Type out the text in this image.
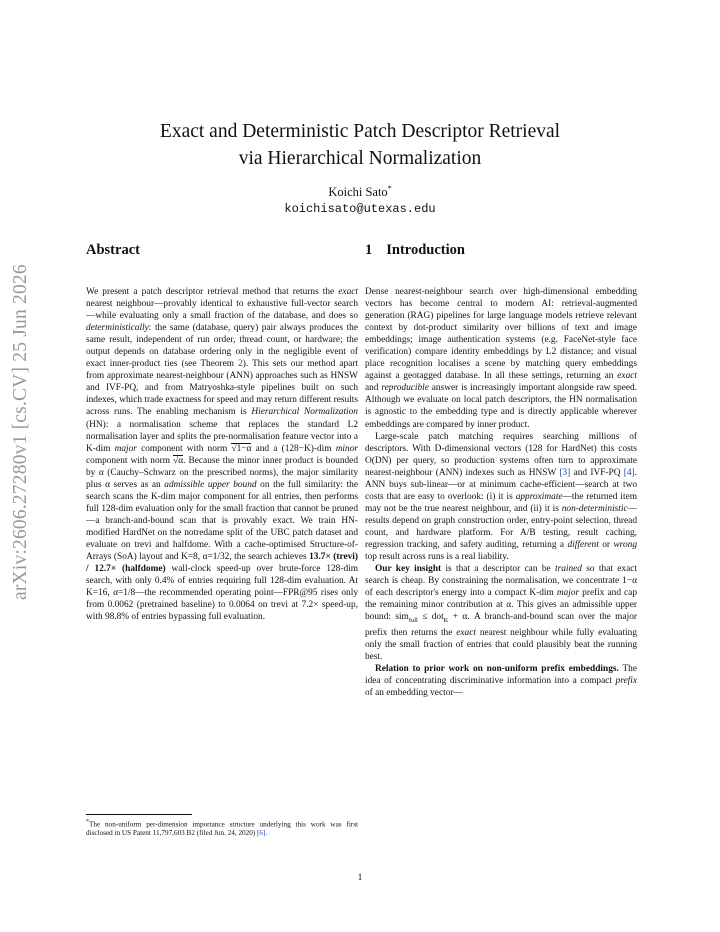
arXiv:2606.27280v1 [cs.CV] 25 Jun 2026
Exact and Deterministic Patch Descriptor Retrieval
via Hierarchical Normalization
Koichi Sato*
koichisato@utexas.edu
Abstract

We present a patch descriptor retrieval method that returns the exact nearest neighbour—provably identical to exhaustive full-vector search—while evaluating only a small fraction of the database, and does so deterministically: the same (database, query) pair always produces the same result, independent of run order, thread count, or hardware; the output depends on database ordering only in the negligible event of exact inner-product ties (see Theorem 2). This sets our method apart from approximate nearest-neighbour (ANN) approaches such as HNSW and IVF-PQ, and from Matryoshka-style pipelines built on such indexes, which trade exactness for speed and may return different results across runs. The enabling mechanism is Hierarchical Normalization (HN): a normalisation scheme that replaces the standard L2 normalisation layer and splits the pre-normalisation feature vector into a K-dim major component with norm √1−α and a (128−K)-dim minor component with norm √α. Because the minor inner product is bounded by α (Cauchy–Schwarz on the prescribed norms), the major similarity plus α serves as an admissible upper bound on the full similarity: the search scans the K-dim major component for all entries, then performs full 128-dim evaluation only for the small fraction that cannot be pruned—a branch-and-bound scan that is provably exact. We train HN-modified HardNet on the notredame split of the UBC patch dataset and evaluate on trevi and halfdome. With a cache-optimised Structure-of-Arrays (SoA) layout and K=8, α=1/32, the search achieves 13.7× (trevi) / 12.7× (halfdome) wall-clock speed-up over brute-force 128-dim search, with only 0.4% of entries requiring full 128-dim evaluation. At K=16, α=1/8—the recommended operating point—FPR@95 rises only from 0.0062 (pretrained baseline) to 0.0064 on trevi at 7.2× speed-up, with 98.8% of entries bypassing full evaluation.

*The non-uniform per-dimension importance structure underlying this work was first disclosed in US Patent 11,797,603 B2 (filed Jun. 24, 2020) [6].
1 Introduction

Dense nearest-neighbour search over high-dimensional embedding vectors has become central to modern AI: retrieval-augmented generation (RAG) pipelines for large language models retrieve relevant context by dot-product similarity over billions of text and image embeddings; image authentication systems (e.g. FaceNet-style face verification) compare identity embeddings by L2 distance; and visual place recognition localises a scene by matching query embeddings against a geotagged database. In all these settings, returning an exact and reproducible answer is increasingly important alongside raw speed. Although we evaluate on local patch descriptors, the HN normalisation is agnostic to the embedding type and is directly applicable wherever embeddings are compared by inner product.

Large-scale patch matching requires searching millions of descriptors. With D-dimensional vectors (128 for HardNet) this costs O(DN) per query, so production systems often turn to approximate nearest-neighbour (ANN) indexes such as HNSW [3] and IVF-PQ [4]. ANN buys sub-linear—or at minimum cache-efficient—search at two costs that are easy to overlook: (i) it is approximate—the returned item may not be the true nearest neighbour, and (ii) it is non-deterministic—results depend on graph construction order, entry-point selection, thread count, and hardware platform. For A/B testing, result caching, regression tracking, and safety auditing, returning a different or wrong top result across runs is a real liability.

Our key insight is that a descriptor can be trained so that exact search is cheap. By constraining the normalisation, we concentrate 1−α of each descriptor's energy into a compact K-dim major prefix and cap the remaining minor contribution at α. This gives an admissible upper bound: sim$_{full}$ ≤ dot$_K$ + α. A branch-and-bound scan over the major prefix then returns the exact nearest neighbour while fully evaluating only the small fraction of entries that could plausibly beat the running best.

Relation to prior work on non-uniform prefix embeddings. The idea of concentrating discriminative information into a compact prefix of an embedding vector—

1
